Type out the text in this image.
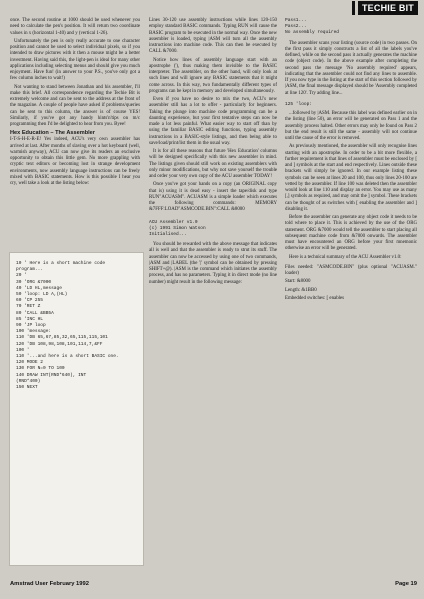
TECHIE BIT

once. The second routine at 1000 should be used whenever you need to calculate the pen's position. It will return two coordinate values in x (horizontal 1-40) and y (vertical 1-26).

Unfortunately the pen is only really accurate to one character position and cannot be used to select individual pixels, so if you intended to draw pictures with it then a mouse might be a better investment. Having said this, the light-pen is ideal for many other applications including selecting menus and should give you much enjoyment. Have fun! (in answer to your P.S., you've only got a few column inches to wait!)

Not wanting to stand between Jonathan and his assembler, I'll make this brief. All correspondence regarding the Techie Bit is extremely welcome and can be sent to the address at the front of the magazine. A couple of people have asked if problems/queries can be sent to this column, the answer is of course YES! Similarly, if you've got any handy hints'n'tips on m/c programming then I'd be delighted to hear from you. Byee!

Hex Education – The Assembler

I-T-S-H-E-R-E! Yes indeed, ACU's very own assembler has arrived at last. After months of slaving over a hot keyboard (well, warmish anyway), ACU can now give its readers an exclusive opportunity to obtain this little gem. No more grappling with cryptic text editors or becoming lost in strange development environments, now assembly language instructions can be freely mixed with BASIC statements. How is this possible I hear you cry, well take a look at the listing below:

10 ' Here is a short machine code
program...
20 '
30 'ORG &7000
40 'LD HL,message
50 'loop: LD A,(HL)
60 'CP 255
70 'RET Z
80 'CALL &BB5A
85 'INC HL
90 'JP loop
100 'message:
110 'DB 65,67,85,32,65,115,115,101
120 'DB 108,98,108,101,114,7,&FF
100 '
110 '...and here is a short BASIC one.
120 MODE 2
130 FOR N=0 TO 100
140 DRAW INT(RND*640), INT
(RND*400)
150 NEXT

Lines 30-120 use assembly instructions while lines 120-150 employ standard BASIC commands. Typing RUN will cause the BASIC program to be executed in the normal way. Once the new assembler is loaded, typing |ASM will turn all the assembly instructions into machine code. This can then be executed by CALL &7000.

Notice how lines of assembly language start with an apostrophe ('), thus making them invisible to the BASIC interpreter. The assembler, on the other hand, will only look at such lines and will ignore any BASIC statements that it might come across. In this way, two fundamentally different types of programs can be kept in memory and developed simultaneously.

Even if you have no desire to mix the two, ACU's new assembler still has a lot to offer - particularly for beginners. Taking the plunge into machine code programming can be a daunting experience, but your first tentative steps can now be made a lot less painful. What easier way to start off than by using the familiar BASIC editing functions, typing assembly instructions in a BASIC-style listings, and then being able to save/load/print/list them in the usual way.

It is for all these reasons that future 'Hex Education' columns will be designed specifically with this new assembler in mind. The listings given should still work on existing assemblers with only minor modifications, but why not save yourself the trouble and order your very own copy of the ACU assembler TODAY!

Once you've got your hands on a copy (an ORIGINAL copy that is) using it is dead easy - insert the tape/disk and type RUN"ACUASM". ACUASM is a simple loader which executes the following commands: MEMORY &7FFF:LOAD"ASMCODE.BIN":CALL &8000

ACU Assembler v1.0
(c) 1991 Simon Watson
Initialised...

You should be rewarded with the above message that indicates all is well and that the assembler is ready to strut its stuff. The assembler can now be accessed by using one of two commands, |ASM and |LABEL (the '|' symbol can be obtained by pressing SHIFT+@). |ASM is the command which initiates the assembly process, and has no parameters. Typing it in direct mode (no line number) might result in the following message:

Pass1...
Pass2...
No assembly required

The assembler scans your listing (source code) in two passes. On the first pass it simply constructs a list of all the labels you've defined, while on the second pass it actually generates the machine code (object code). In the above example after completing the second pass the message 'No assembly required' appears, indicating that the assembler could not find any lines to assemble. If you now type in the listing at the start of this section followed by |ASM, the final message displayed should be 'Assembly completed at line 120'. Try adding line...

125 'loop:

...followed by |ASM. Because this label was defined earlier on in the listing (line 50), an error will be generated on Pass 1 and the assembly process halted. Other errors may only be found on Pass 2 but the end result is still the same - assembly will not continue until the cause of the error is removed.

As previously mentioned, the assembler will only recognise lines starting with an apostrophe. In order to be a bit more flexible, a further requirement is that lines of assembler must be enclosed by [ and ] symbols at the start and end respectively. Lines outside these brackets will simply be ignored. In our example listing these symbols can be seen at lines 20 and 100, thus only lines 20-100 are vetted by the assembler. If line 100 was deleted then the assembler would look at line 110 and display an error. You may use as many [,] symbols as required, and may omit the ] symbol. These brackets can be thought of as switches with [ enabling the assembler and ] disabling it.

Before the assembler can generate any object code it needs to be told where to place it. This is achieved by the use of the ORG statement. ORG &7000 would tell the assembler to start placing all subsequent machine code from &7000 onwards. The assembler must have encountered an ORG before your first mnemonic otherwise an error will be generated.

Here is a technical summary of the ACU Assembler v1.0:

Files needed: "ASMCODE.BIN" (plus optional "ACUASM." loader)

Start: &8000

Length: &1BB0

Embedded switches: [ enables

Amstrad User February 1992	Page 19
